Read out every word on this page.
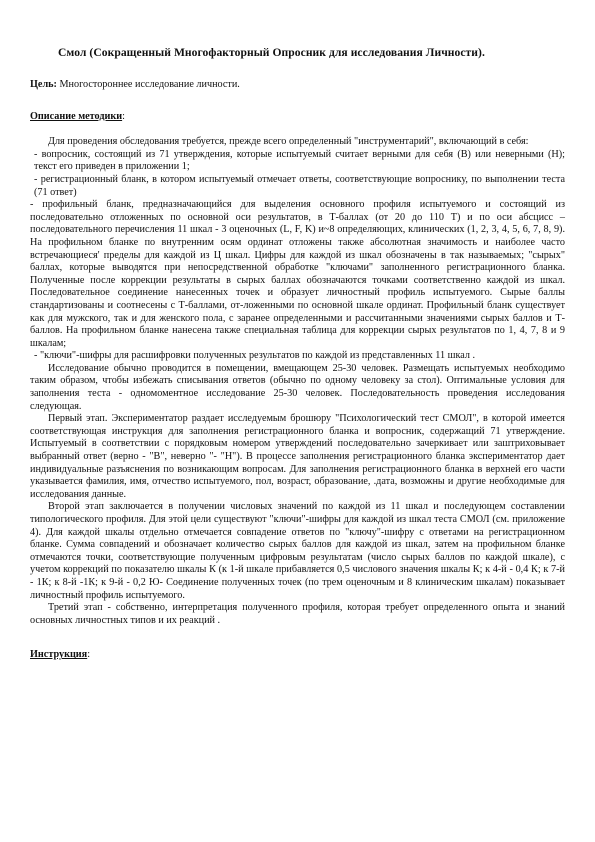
Смол (Сокращенный Многофакторный Опросник для исследования Личности).

Цель: Многостороннее исследование личности.

Описание методики:

Для проведения обследования требуется, прежде всего определенный "инструментарий", включающий в себя:

- вопросник, состоящий из 71 утверждения, которые испытуемый считает верными для себя (В) или неверными (Н); текст его приведен в приложении 1;

- регистрационный бланк, в котором испытуемый отмечает ответы, соответствующие вопроснику, по выполнении теста (71 ответ)

- профильный бланк, предназначающийся для выделения основного профиля испытуемого и состоящий из последовательно отложенных по основной оси результатов, в Т-баллах (от 20 до 110 Т) и по оси абсцисс – последовательного перечисления 11 шкал - 3 оценочных (L, F, K) и~8 определяющих, клинических (1, 2, 3, 4, 5, 6, 7, 8, 9). На профильном бланке по внутренним осям ординат отложены также абсолютная значимость и наиболее часто встречающиеся' пределы для каждой из Ц шкал. Цифры для каждой из шкал обозначены в так называемых; "сырых" баллах, которые выводятся при непосредственной обработке "ключами" заполненного регистрационного бланка. Полученные после коррекции результаты в сырых баллах обозначаются точками соответственно каждой из шкал. Последовательное соединение нанесенных точек и образует личностный профиль испытуемого. Сырые баллы стандартизованы и соотнесены с Т-баллами, от-ложенными по основной шкале ординат. Профильный бланк существует как для мужского, так и для женского пола, с заранее определенными и рассчитанными значениями сырых баллов и Т-баллов. На профильном бланке нанесена также специальная таблица для коррекции сырых результатов по 1, 4, 7, 8 и 9 шкалам;

- "ключи"-шифры для расшифровки полученных результатов по каждой из представленных 11 шкал .

Исследование обычно проводится в помещении, вмещающем 25-30 человек. Размещать испытуемых необходимо таким образом, чтобы избежать списывания ответов (обычно по одному человеку за стол). Оптимальные условия для заполнения теста - одномоментное исследование 25-30 человек. Последовательность проведения исследования следующая.

Первый этап. Экспериментатор раздает исследуемым брошюру "Психологический тест СМОЛ", в которой имеется соответствующая инструкция для заполнения регистрационного бланка и вопросник, содержащий 71 утверждение. Испытуемый в соответствии с порядковым номером утверждений последовательно зачеркивает или заштриховывает выбранный ответ (верно - "В", неверно "- "Н"). В процессе заполнения регистрационного бланка экспериментатор дает индивидуальные разъяснения по возникающим вопросам. Для заполнения регистрационного бланка в верхней его части указывается фамилия, имя, отчество испытуемого, пол, возраст, образование, .дата, возможны и другие необходимые для исследования данные.

Второй этап заключается в получении числовых значений по каждой из 11 шкал и последующем составлении типологического профиля. Для этой цели существуют "ключи"-шифры для каждой из шкал теста СМОЛ (см. приложение 4). Для каждой шкалы отдельно отмечается совпадение ответов по "ключу"-шифру с ответами на регистрационном бланке. Сумма совпадений и обозначает количество сырых баллов для каждой из шкал, затем на профильном бланке отмечаются точки, соответствующие полученным цифровым результатам (число сырых баллов по каждой шкале), с учетом коррекций по показателю шкалы К (к 1-й шкале прибавляется 0,5 числового значения шкалы К; к 4-й - 0,4 К; к 7-й - 1К; к 8-й -1К; к 9-й - 0,2 Ю- Соединение полученных точек (по трем оценочным и 8 клиническим шкалам) показывает личностный профиль испытуемого.

Третий этап - собственно, интерпретация полученного профиля, которая требует определенного опыта и знаний основных личностных типов и их реакций .

Инструкция:
